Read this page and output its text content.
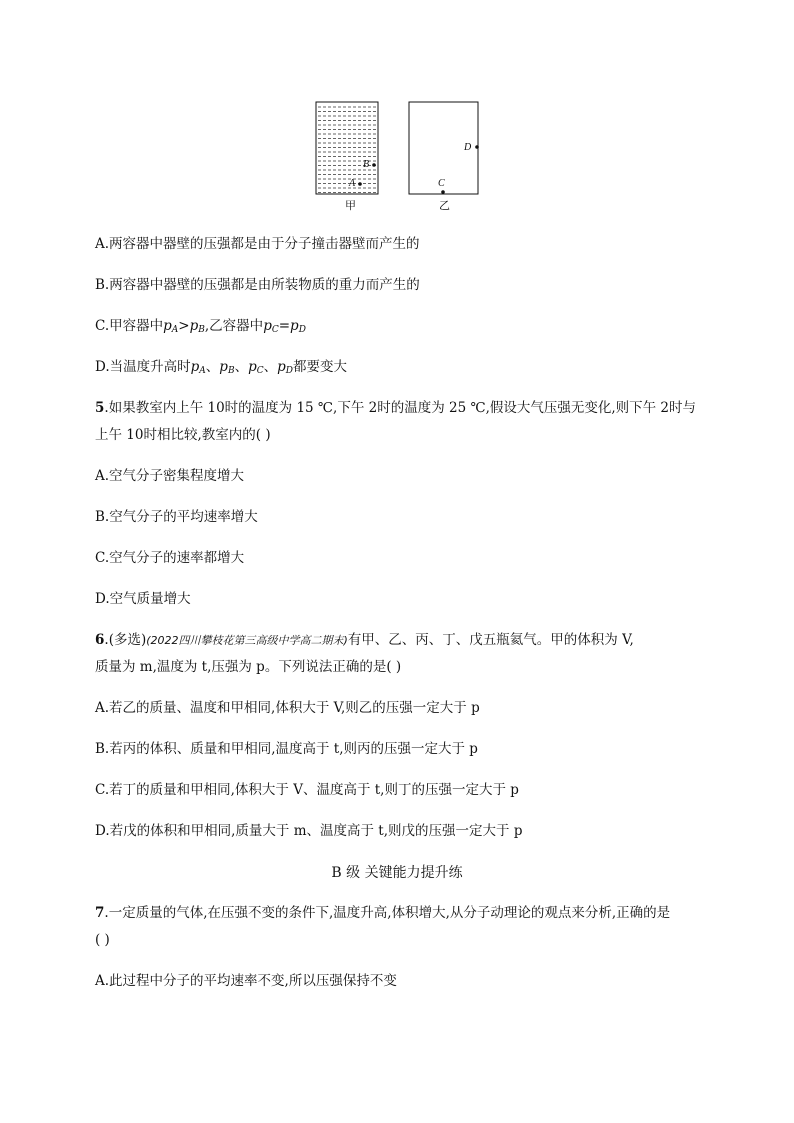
A
B
甲
C
D
乙
A.两容器中器壁的压强都是由于分子撞击器壁而产生的
B.两容器中器壁的压强都是由所装物质的重力而产生的
C.甲容器中$p_A>p_B$,乙容器中$p_C=p_D$
D.当温度升高时$p_A$、$p_B$、$p_C$、$p_D$都要变大
5.如果教室内上午 10时的温度为 15 ℃,下午 2时的温度为 25 ℃,假设大气压强无变化,则下午 2时与
上午 10时相比较,教室内的( )
A.空气分子密集程度增大
B.空气分子的平均速率增大
C.空气分子的速率都增大
D.空气质量增大
6.(多选)(2022四川攀枝花第三高级中学高二期末)有甲、乙、丙、丁、戊五瓶氦气。甲的体积为 V,
质量为 m,温度为 t,压强为 p。下列说法正确的是( )
A.若乙的质量、温度和甲相同,体积大于 V,则乙的压强一定大于 p
B.若丙的体积、质量和甲相同,温度高于 t,则丙的压强一定大于 p
C.若丁的质量和甲相同,体积大于 V、温度高于 t,则丁的压强一定大于 p
D.若戊的体积和甲相同,质量大于 m、温度高于 t,则戊的压强一定大于 p
B 级 关键能力提升练
7.一定质量的气体,在压强不变的条件下,温度升高,体积增大,从分子动理论的观点来分析,正确的是
( )
A.此过程中分子的平均速率不变,所以压强保持不变
